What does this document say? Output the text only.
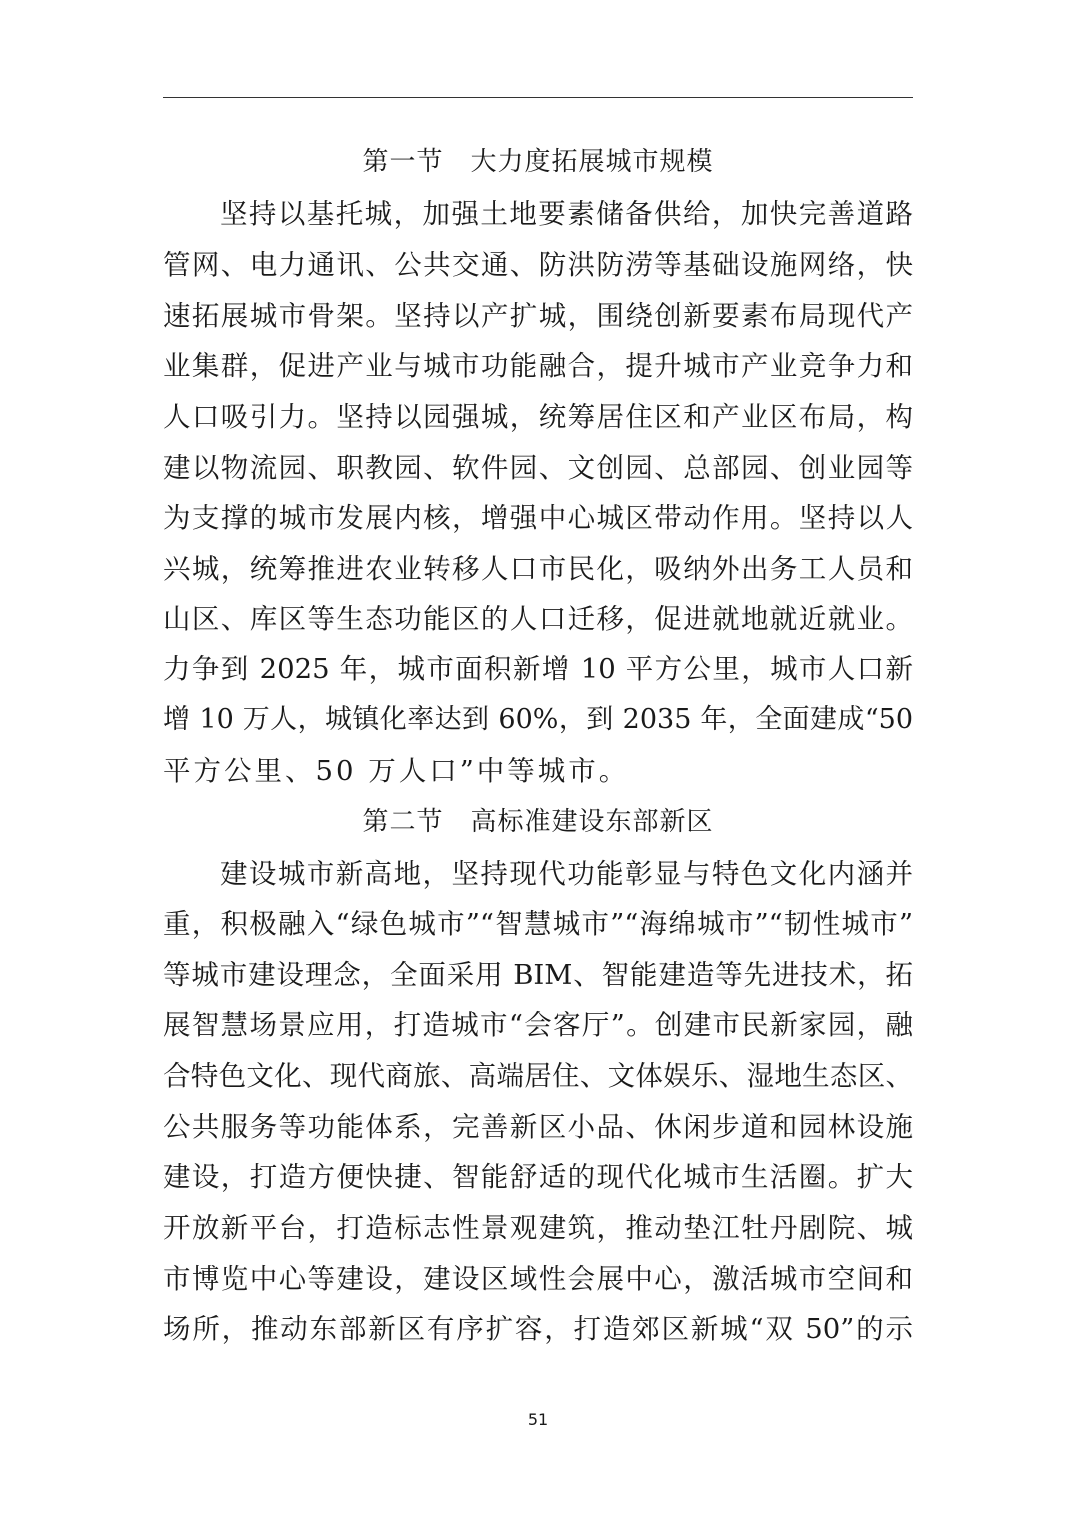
第一节　大力度拓展城市规模
坚持以基托城，加强土地要素储备供给，加快完善道路
管网、电力通讯、公共交通、防洪防涝等基础设施网络，快
速拓展城市骨架。坚持以产扩城，围绕创新要素布局现代产
业集群，促进产业与城市功能融合，提升城市产业竞争力和
人口吸引力。坚持以园强城，统筹居住区和产业区布局，构
建以物流园、职教园、软件园、文创园、总部园、创业园等
为支撑的城市发展内核，增强中心城区带动作用。坚持以人
兴城，统筹推进农业转移人口市民化，吸纳外出务工人员和
山区、库区等生态功能区的人口迁移，促进就地就近就业。
力争到 2025 年，城市面积新增 10 平方公里，城市人口新
增 10 万人，城镇化率达到 60%，到 2035 年，全面建成“50
平方公里、50 万人口”中等城市。
第二节　高标准建设东部新区
建设城市新高地，坚持现代功能彰显与特色文化内涵并
重，积极融入“绿色城市”“智慧城市”“海绵城市”“韧性城市”
等城市建设理念，全面采用 BIM、智能建造等先进技术，拓
展智慧场景应用，打造城市“会客厅”。创建市民新家园，融
合特色文化、现代商旅、高端居住、文体娱乐、湿地生态区、
公共服务等功能体系，完善新区小品、休闲步道和园林设施
建设，打造方便快捷、智能舒适的现代化城市生活圈。扩大
开放新平台，打造标志性景观建筑，推动垫江牡丹剧院、城
市博览中心等建设，建设区域性会展中心，激活城市空间和
场所，推动东部新区有序扩容，打造郊区新城“双 50”的示
51
